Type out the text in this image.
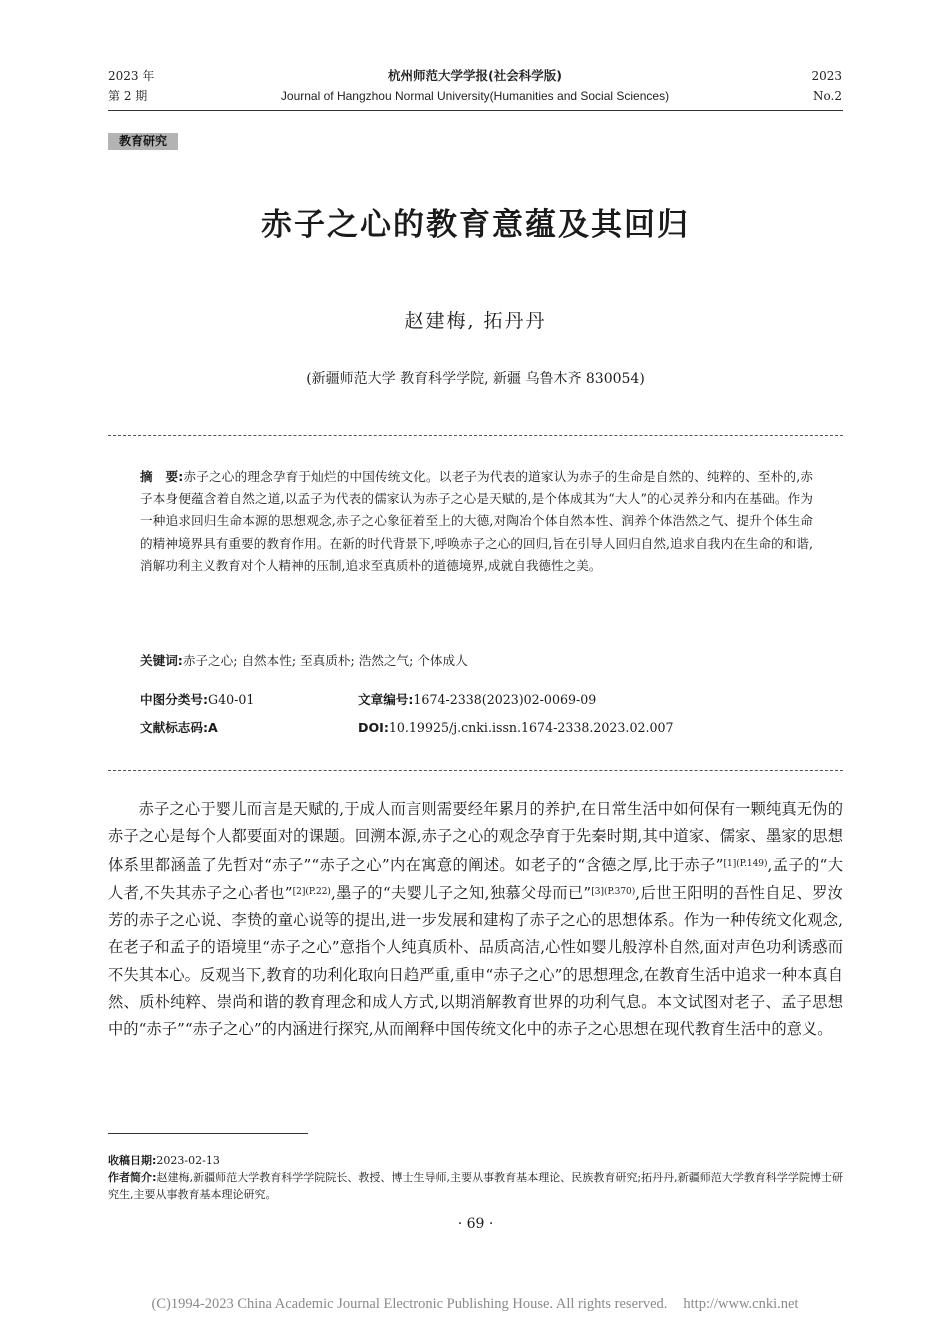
2023 年
第 2 期
杭州师范大学学报(社会科学版)
Journal of Hangzhou Normal University(Humanities and Social Sciences)
2023
No.2
教育研究
赤子之心的教育意蕴及其回归
赵建梅, 拓丹丹
(新疆师范大学 教育科学学院, 新疆 乌鲁木齐 830054)
摘　要:赤子之心的理念孕育于灿烂的中国传统文化。以老子为代表的道家认为赤子的生命是自然的、纯粹的、至朴的,赤子本身便蕴含着自然之道,以孟子为代表的儒家认为赤子之心是天赋的,是个体成其为“大人”的心灵养分和内在基础。作为一种追求回归生命本源的思想观念,赤子之心象征着至上的大德,对陶冶个体自然本性、润养个体浩然之气、提升个体生命的精神境界具有重要的教育作用。在新的时代背景下,呼唤赤子之心的回归,旨在引导人回归自然,追求自我内在生命的和谐,消解功利主义教育对个人精神的压制,追求至真质朴的道德境界,成就自我德性之美。
关键词:赤子之心; 自然本性; 至真质朴; 浩然之气; 个体成人
中图分类号:G40-01	文章编号:1674-2338(2023)02-0069-09
文献标志码:A	DOI:10.19925/j.cnki.issn.1674-2338.2023.02.007

赤子之心于婴儿而言是天赋的,于成人而言则需要经年累月的养护,在日常生活中如何保有一颗纯真无伪的赤子之心是每个人都要面对的课题。回溯本源,赤子之心的观念孕育于先秦时期,其中道家、儒家、墨家的思想体系里都涵盖了先哲对“赤子”“赤子之心”内在寓意的阐述。如老子的“含德之厚,比于赤子”$^{[1](P.149)}$,孟子的“大人者,不失其赤子之心者也”$^{[2](P.22)}$,墨子的“夫婴儿子之知,独慕父母而已”$^{[3](P.370)}$,后世王阳明的吾性自足、罗汝芳的赤子之心说、李贽的童心说等的提出,进一步发展和建构了赤子之心的思想体系。作为一种传统文化观念,在老子和孟子的语境里“赤子之心”意指个人纯真质朴、品质高洁,心性如婴儿般淳朴自然,面对声色功利诱惑而不失其本心。反观当下,教育的功利化取向日趋严重,重申“赤子之心”的思想理念,在教育生活中追求一种本真自然、质朴纯粹、崇尚和谐的教育理念和成人方式,以期消解教育世界的功利气息。本文试图对老子、孟子思想中的“赤子”“赤子之心”的内涵进行探究,从而阐释中国传统文化中的赤子之心思想在现代教育生活中的意义。

收稿日期:2023-02-13
作者简介:赵建梅,新疆师范大学教育科学学院院长、教授、博士生导师,主要从事教育基本理论、民族教育研究;拓丹丹,新疆师范大学教育科学学院博士研究生,主要从事教育基本理论研究。
· 69 ·
(C)1994-2023 China Academic Journal Electronic Publishing House. All rights reserved. http://www.cnki.net
